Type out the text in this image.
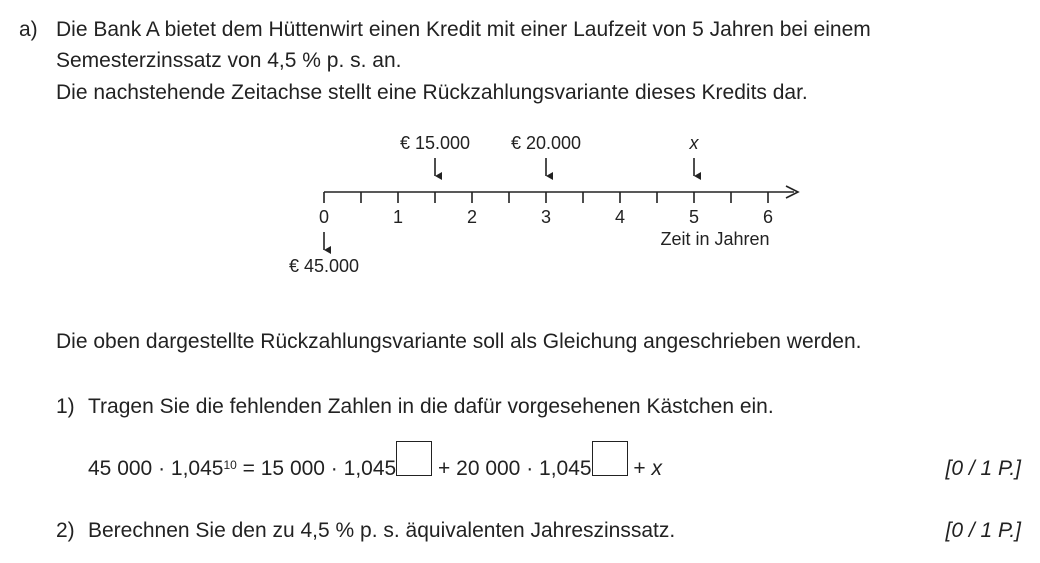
a) Die Bank A bietet dem Hüttenwirt einen Kredit mit einer Laufzeit von 5 Jahren bei einem
Semesterzinssatz von 4,5 % p. s. an.
Die nachstehende Zeitachse stellt eine Rückzahlungsvariante dieses Kredits dar.
0	1	2	3	4	5	6
Zeit in Jahren
€ 15.000 € 20.000	x
€ 45.000
Die oben dargestellte Rückzahlungsvariante soll als Gleichung angeschrieben werden.
1) Tragen Sie die fehlenden Zahlen in die dafür vorgesehenen Kästchen ein.
45 $000 \cdot 1,045^{10} = 15$ 000 · 1,045 + 20 000 · 1,045 + x	[0 / 1 P.]
2) Berechnen Sie den zu 4,5 % p. s. äquivalenten Jahreszinssatz.	[0 / 1 P.]
